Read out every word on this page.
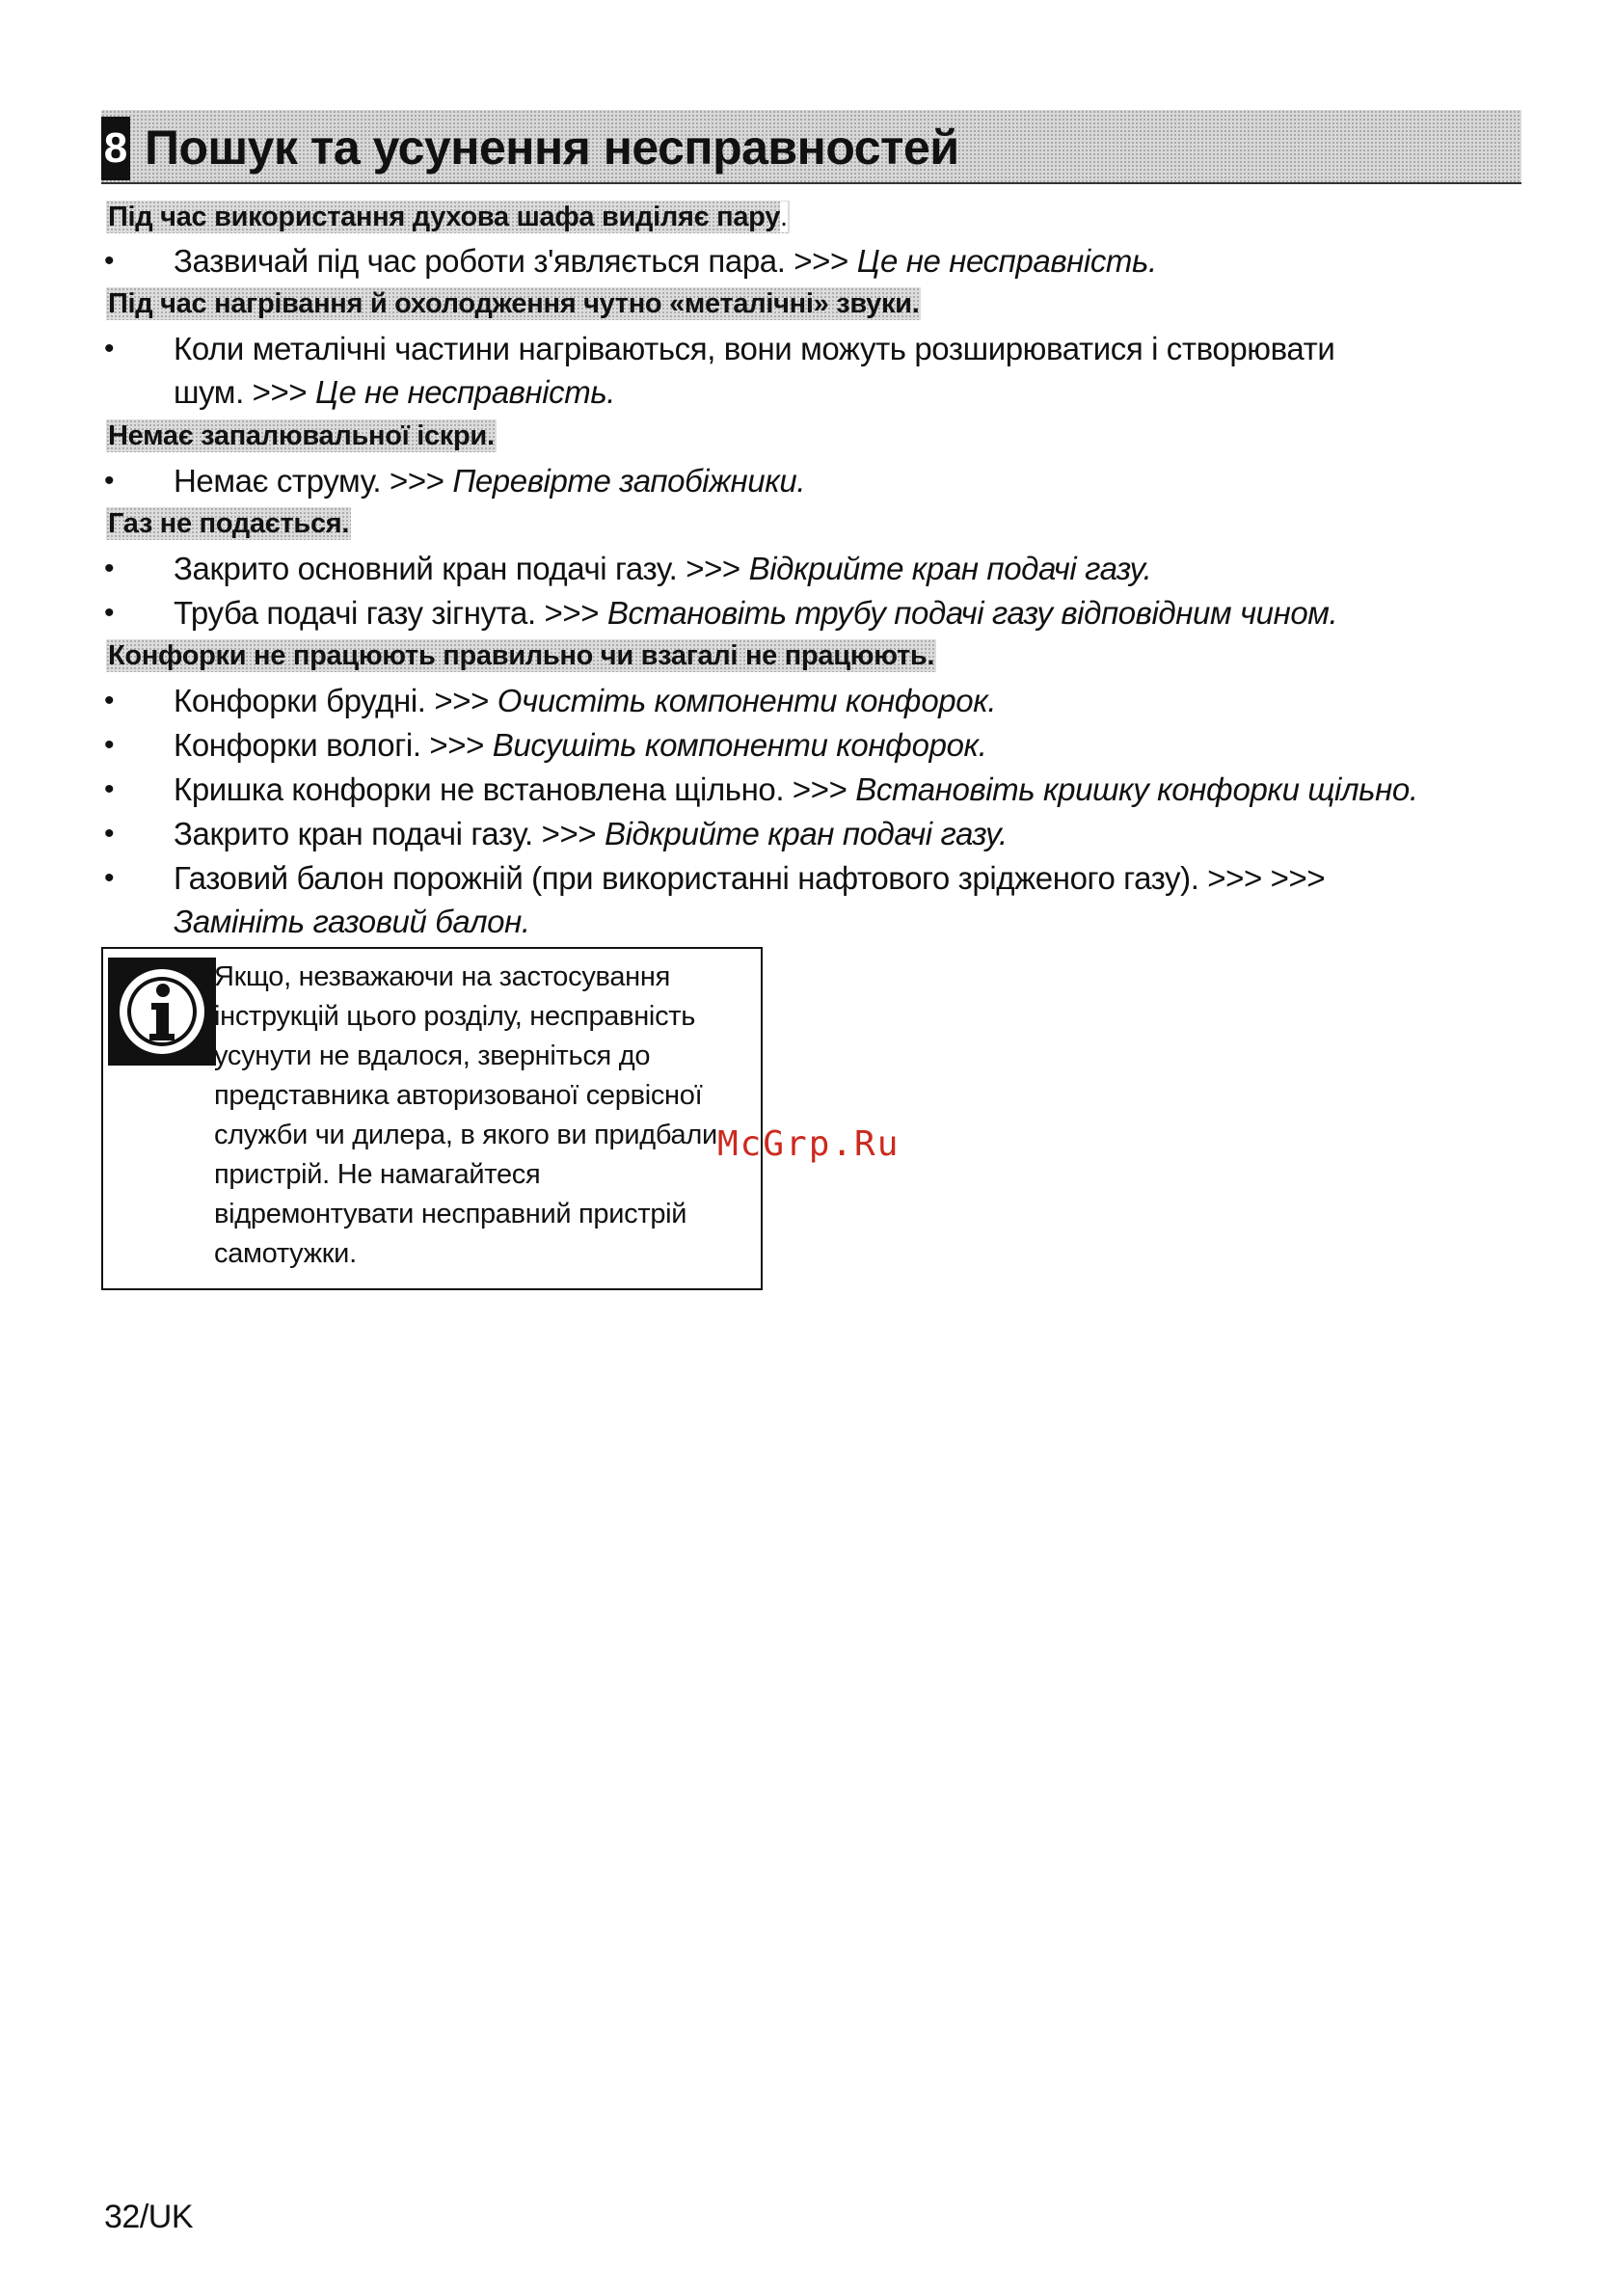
8 Пошук та усунення несправностей
Під час використання духова шафа виділяє пару.
• Зазвичай під час роботи з'являється пара. >>> Це не несправність.
Під час нагрівання й охолодження чутно «металічні» звуки.
• Коли металічні частини нагріваються, вони можуть розширюватися і створювати
шум. >>> Це не несправність.
Немає запалювальної іскри.
• Немає струму. >>> Перевірте запобіжники.
Газ не подається.
• Закрито основний кран подачі газу. >>> Відкрийте кран подачі газу.
• Труба подачі газу зігнута. >>> Встановіть трубу подачі газу відповідним чином.
Конфорки не працюють правильно чи взагалі не працюють.
• Конфорки брудні. >>> Очистіть компоненти конфорок.
• Конфорки вологі. >>> Висушіть компоненти конфорок.
• Кришка конфорки не встановлена щільно. >>> Встановіть кришку конфорки щільно.
• Закрито кран подачі газу. >>> Відкрийте кран подачі газу.
• Газовий балон порожній (при використанні нафтового зрідженого газу). >>> >>>
Замініть газовий балон.
Якщо, незважаючи на застосування
інструкцій цього розділу, несправність
усунути не вдалося, зверніться до
представника авторизованої сервісної
служби чи дилера, в якого ви придбали
пристрій. Не намагайтеся
відремонтувати несправний пристрій
самотужки.
McGrp.Ru
32/UK
